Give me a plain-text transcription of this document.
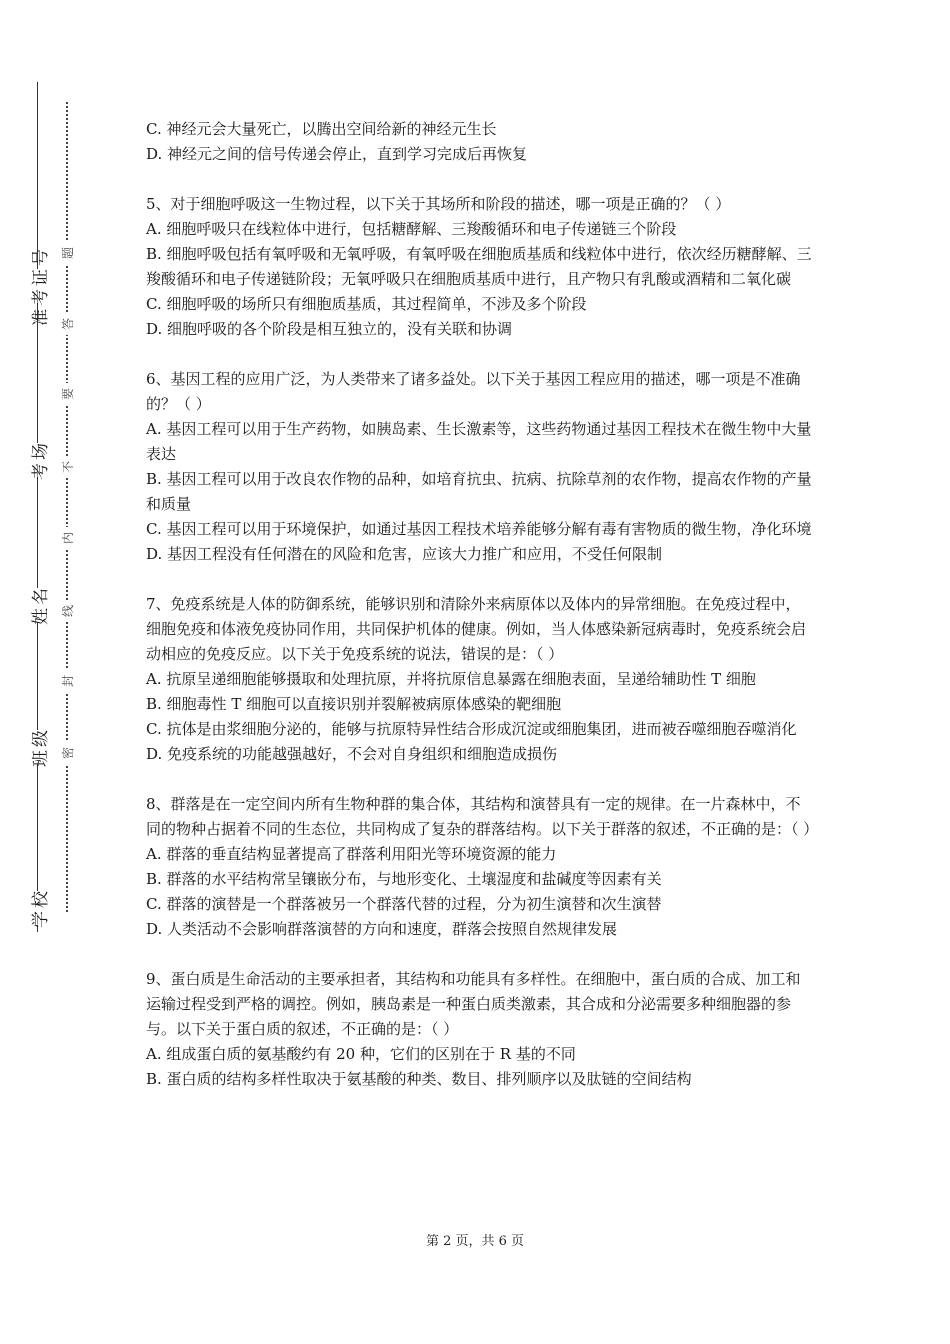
准考证号
考场
姓名
班级
学校
题
答
要
不
内
线
封
密
C. 神经元会大量死亡，以腾出空间给新的神经元生长
D. 神经元之间的信号传递会停止，直到学习完成后再恢复
5、对于细胞呼吸这一生物过程，以下关于其场所和阶段的描述，哪一项是正确的？（ ）
A. 细胞呼吸只在线粒体中进行，包括糖酵解、三羧酸循环和电子传递链三个阶段
B. 细胞呼吸包括有氧呼吸和无氧呼吸，有氧呼吸在细胞质基质和线粒体中进行，依次经历糖酵解、三羧酸循环和电子传递链阶段；无氧呼吸只在细胞质基质中进行，且产物只有乳酸或酒精和二氧化碳
C. 细胞呼吸的场所只有细胞质基质，其过程简单，不涉及多个阶段
D. 细胞呼吸的各个阶段是相互独立的，没有关联和协调
6、基因工程的应用广泛，为人类带来了诸多益处。以下关于基因工程应用的描述，哪一项是不准确的？（ ）
A. 基因工程可以用于生产药物，如胰岛素、生长激素等，这些药物通过基因工程技术在微生物中大量表达
B. 基因工程可以用于改良农作物的品种，如培育抗虫、抗病、抗除草剂的农作物，提高农作物的产量和质量
C. 基因工程可以用于环境保护，如通过基因工程技术培养能够分解有毒有害物质的微生物，净化环境
D. 基因工程没有任何潜在的风险和危害，应该大力推广和应用，不受任何限制
7、免疫系统是人体的防御系统，能够识别和清除外来病原体以及体内的异常细胞。在免疫过程中，细胞免疫和体液免疫协同作用，共同保护机体的健康。例如，当人体感染新冠病毒时，免疫系统会启动相应的免疫反应。以下关于免疫系统的说法，错误的是：（ ）
A. 抗原呈递细胞能够摄取和处理抗原，并将抗原信息暴露在细胞表面，呈递给辅助性 T 细胞
B. 细胞毒性 T 细胞可以直接识别并裂解被病原体感染的靶细胞
C. 抗体是由浆细胞分泌的，能够与抗原特异性结合形成沉淀或细胞集团，进而被吞噬细胞吞噬消化
D. 免疫系统的功能越强越好，不会对自身组织和细胞造成损伤
8、群落是在一定空间内所有生物种群的集合体，其结构和演替具有一定的规律。在一片森林中，不同的物种占据着不同的生态位，共同构成了复杂的群落结构。以下关于群落的叙述，不正确的是：（ ）
A. 群落的垂直结构显著提高了群落利用阳光等环境资源的能力
B. 群落的水平结构常呈镶嵌分布，与地形变化、土壤湿度和盐碱度等因素有关
C. 群落的演替是一个群落被另一个群落代替的过程，分为初生演替和次生演替
D. 人类活动不会影响群落演替的方向和速度，群落会按照自然规律发展
9、蛋白质是生命活动的主要承担者，其结构和功能具有多样性。在细胞中，蛋白质的合成、加工和运输过程受到严格的调控。例如，胰岛素是一种蛋白质类激素，其合成和分泌需要多种细胞器的参与。以下关于蛋白质的叙述，不正确的是：（ ）
A. 组成蛋白质的氨基酸约有 20 种，它们的区别在于 R 基的不同
B. 蛋白质的结构多样性取决于氨基酸的种类、数目、排列顺序以及肽链的空间结构
第 2 页，共 6 页
